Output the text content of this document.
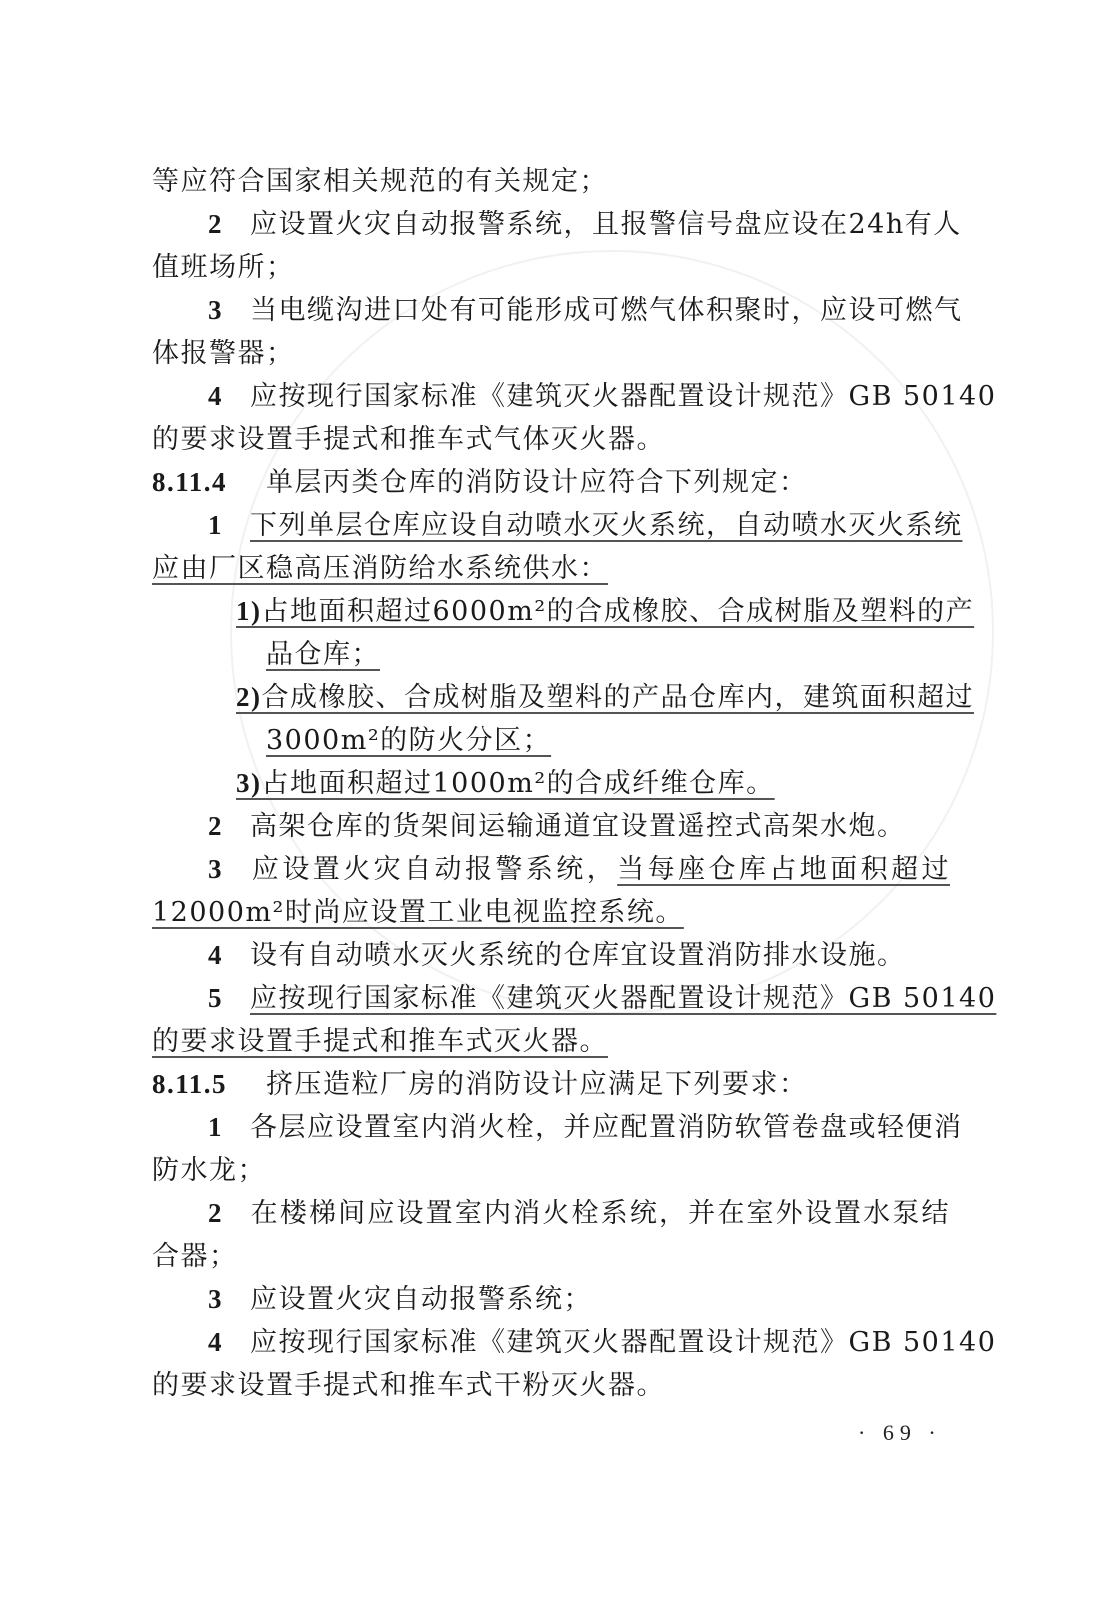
等应符合国家相关规范的有关规定；
2 应设置火灾自动报警系统，且报警信号盘应设在24h有人
值班场所；
3 当电缆沟进口处有可能形成可燃气体积聚时，应设可燃气
体报警器；
4 应按现行国家标准《建筑灭火器配置设计规范》GB 50140
的要求设置手提式和推车式气体灭火器。
8.11.4 单层丙类仓库的消防设计应符合下列规定：
1 下列单层仓库应设自动喷水灭火系统，自动喷水灭火系统
应由厂区稳高压消防给水系统供水：
1)占地面积超过6000m²的合成橡胶、合成树脂及塑料的产
品仓库；
2)合成橡胶、合成树脂及塑料的产品仓库内，建筑面积超过
3000m²的防火分区；
3)占地面积超过1000m²的合成纤维仓库。
2 高架仓库的货架间运输通道宜设置遥控式高架水炮。
3 应设置火灾自动报警系统，当每座仓库占地面积超过
12000m²时尚应设置工业电视监控系统。
4 设有自动喷水灭火系统的仓库宜设置消防排水设施。
5 应按现行国家标准《建筑灭火器配置设计规范》GB 50140
的要求设置手提式和推车式灭火器。
8.11.5 挤压造粒厂房的消防设计应满足下列要求：
1 各层应设置室内消火栓，并应配置消防软管卷盘或轻便消
防水龙；
2 在楼梯间应设置室内消火栓系统，并在室外设置水泵结
合器；
3 应设置火灾自动报警系统；
4 应按现行国家标准《建筑灭火器配置设计规范》GB 50140
的要求设置手提式和推车式干粉灭火器。
· 69 ·
